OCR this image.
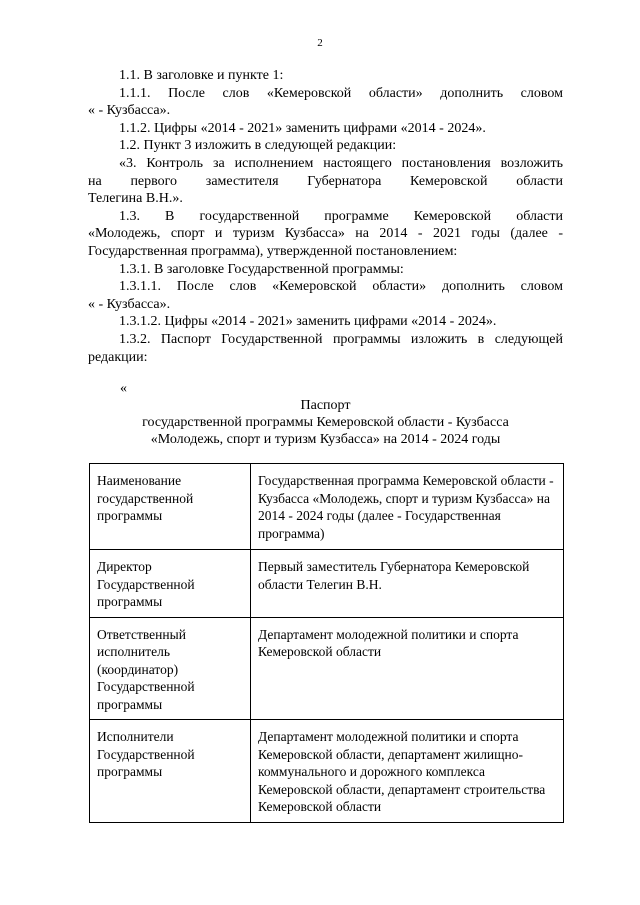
2

1.1. В заголовке и пункте 1:

1.1.1. После слов «Кемеровской области» дополнить словом

« - Кузбасса».

1.1.2. Цифры «2014 - 2021» заменить цифрами «2014 - 2024».

1.2. Пункт 3 изложить в следующей редакции:

«3. Контроль за исполнением настоящего постановления возложить

на первого заместителя Губернатора Кемеровской области

Телегина В.Н.».

1.3. В государственной программе Кемеровской области

«Молодежь, спорт и туризм Кузбасса» на 2014 - 2021 годы (далее -

Государственная программа), утвержденной постановлением:

1.3.1. В заголовке Государственной программы:

1.3.1.1. После слов «Кемеровской области» дополнить словом

« - Кузбасса».

1.3.1.2. Цифры «2014 - 2021» заменить цифрами «2014 - 2024».

1.3.2. Паспорт Государственной программы изложить в следующей

редакции:

«
Паспорт
государственной программы Кемеровской области - Кузбасса
«Молодежь, спорт и туризм Кузбасса» на 2014 - 2024 годы
Наименование государственной программы	Государственная программа Кемеровской области - Кузбасса «Молодежь, спорт и туризм Кузбасса» на 2014 - 2024 годы (далее - Государственная программа)
Директор Государственной программы	Первый заместитель Губернатора Кемеровской области Телегин В.Н.
Ответственный исполнитель (координатор) Государственной программы	Департамент молодежной политики и спорта Кемеровской области
Исполнители Государственной программы	Департамент молодежной политики и спорта Кемеровской области, департамент жилищно-коммунального и дорожного комплекса Кемеровской области, департамент строительства Кемеровской области
